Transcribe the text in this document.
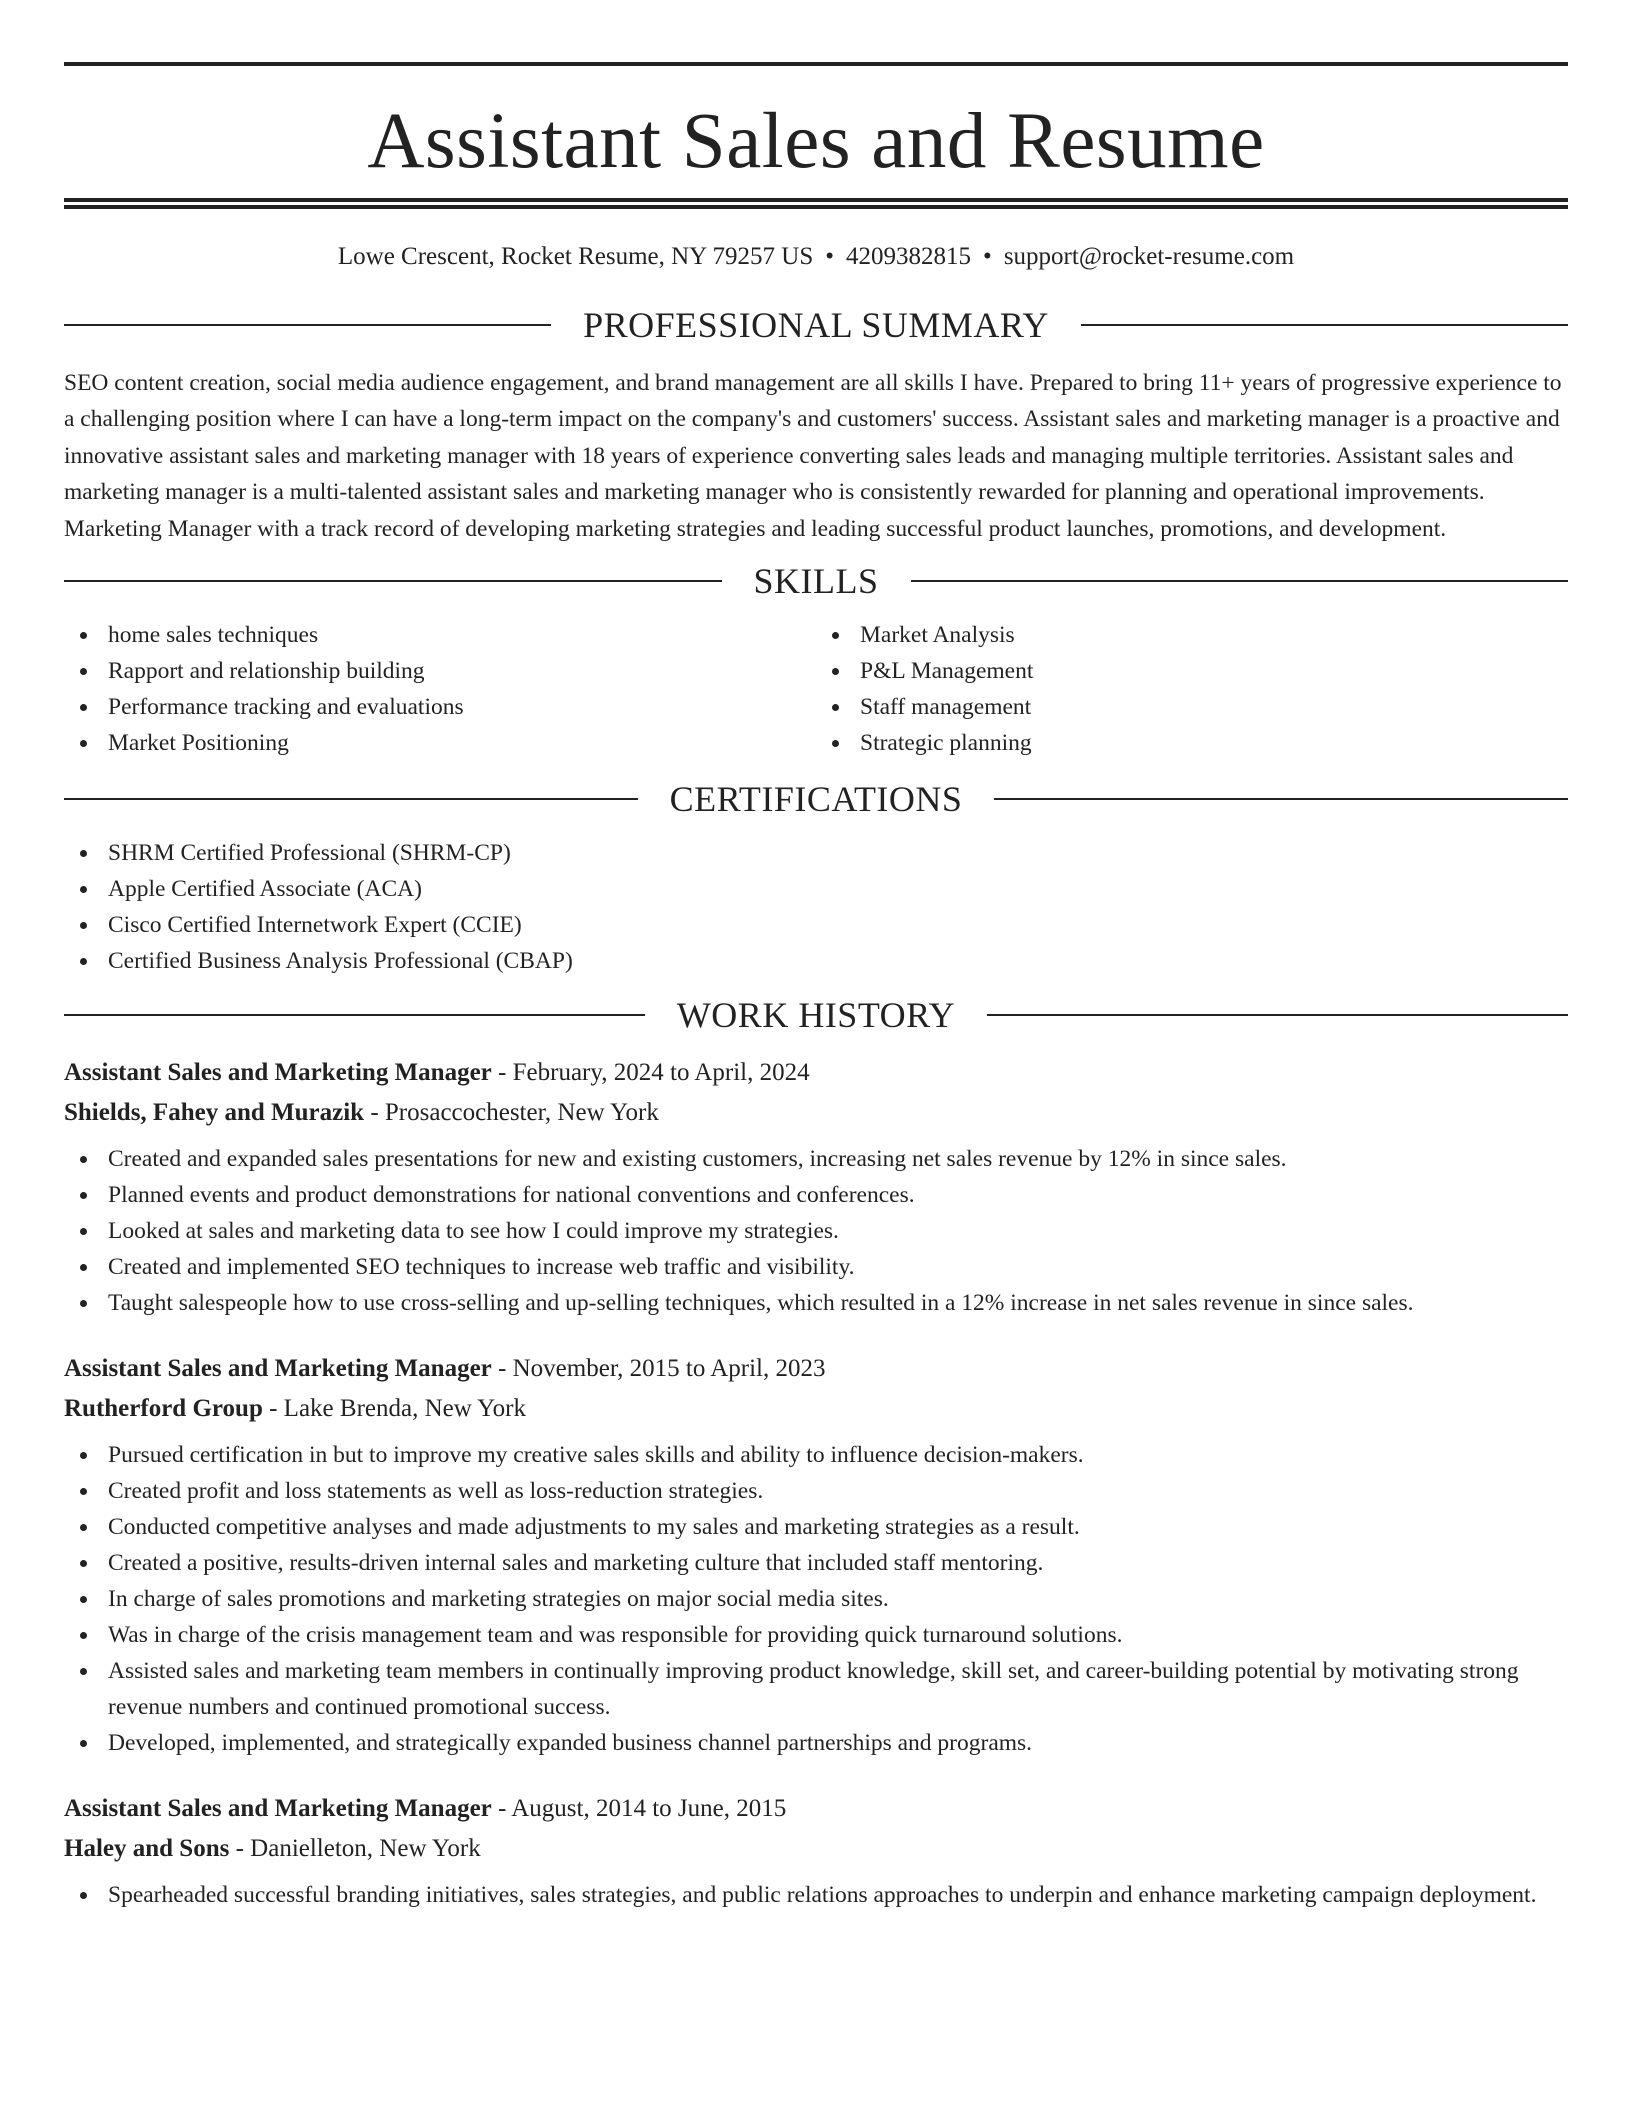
Assistant Sales and Resume
Lowe Crescent, Rocket Resume, NY 79257 US • 4209382815 • support@rocket-resume.com
PROFESSIONAL SUMMARY

SEO content creation, social media audience engagement, and brand management are all skills I have. Prepared to bring 11+ years of progressive experience to a challenging position where I can have a long-term impact on the company's and customers' success. Assistant sales and marketing manager is a proactive and innovative assistant sales and marketing manager with 18 years of experience converting sales leads and managing multiple territories. Assistant sales and marketing manager is a multi-talented assistant sales and marketing manager who is consistently rewarded for planning and operational improvements. Marketing Manager with a track record of developing marketing strategies and leading successful product launches, promotions, and development.

SKILLS
home sales techniques
Rapport and relationship building
Performance tracking and evaluations
Market Positioning
Market Analysis
P&L Management
Staff management
Strategic planning
CERTIFICATIONS
SHRM Certified Professional (SHRM-CP)
Apple Certified Associate (ACA)
Cisco Certified Internetwork Expert (CCIE)
Certified Business Analysis Professional (CBAP)
WORK HISTORY
Assistant Sales and Marketing Manager - February, 2024 to April, 2024
Shields, Fahey and Murazik - Prosaccochester, New York
Created and expanded sales presentations for new and existing customers, increasing net sales revenue by 12% in since sales.
Planned events and product demonstrations for national conventions and conferences.
Looked at sales and marketing data to see how I could improve my strategies.
Created and implemented SEO techniques to increase web traffic and visibility.
Taught salespeople how to use cross-selling and up-selling techniques, which resulted in a 12% increase in net sales revenue in since sales.
Assistant Sales and Marketing Manager - November, 2015 to April, 2023
Rutherford Group - Lake Brenda, New York
Pursued certification in but to improve my creative sales skills and ability to influence decision-makers.
Created profit and loss statements as well as loss-reduction strategies.
Conducted competitive analyses and made adjustments to my sales and marketing strategies as a result.
Created a positive, results-driven internal sales and marketing culture that included staff mentoring.
In charge of sales promotions and marketing strategies on major social media sites.
Was in charge of the crisis management team and was responsible for providing quick turnaround solutions.
Assisted sales and marketing team members in continually improving product knowledge, skill set, and career-building potential by motivating strong revenue numbers and continued promotional success.
Developed, implemented, and strategically expanded business channel partnerships and programs.
Assistant Sales and Marketing Manager - August, 2014 to June, 2015
Haley and Sons - Danielleton, New York
Spearheaded successful branding initiatives, sales strategies, and public relations approaches to underpin and enhance marketing campaign deployment.
